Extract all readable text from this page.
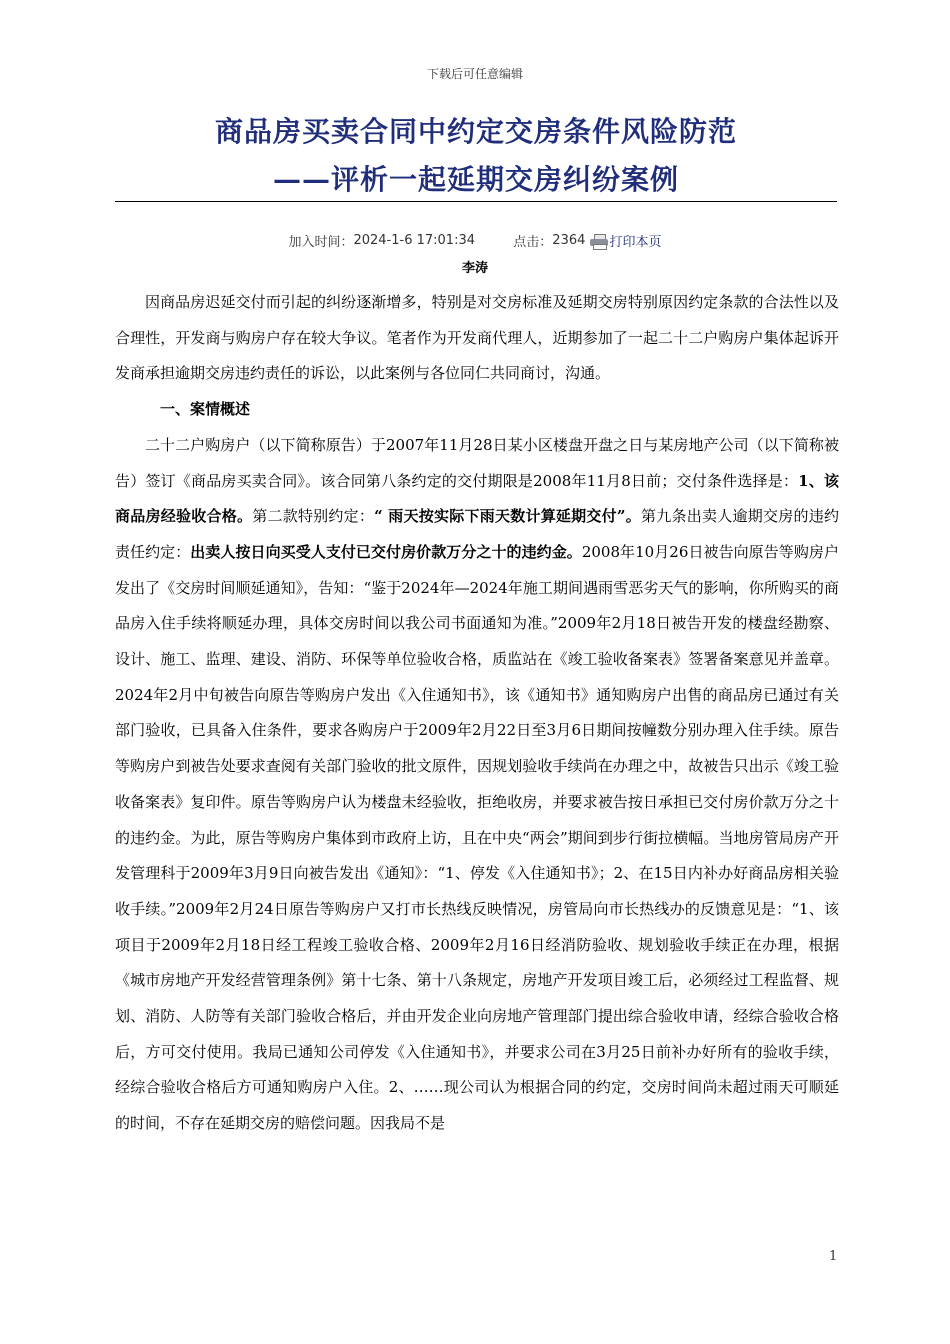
下载后可任意编辑
商品房买卖合同中约定交房条件风险防范
——评析一起延期交房纠纷案例
加入时间：2024-1-6 17:01:34	点击：2364 打印本页
李涛

因商品房迟延交付而引起的纠纷逐渐增多，特别是对交房标准及延期交房特别原因约定条款的合法性以及合理性，开发商与购房户存在较大争议。笔者作为开发商代理人，近期参加了一起二十二户购房户集体起诉开发商承担逾期交房违约责任的诉讼，以此案例与各位同仁共同商讨，沟通。

一、案情概述

二十二户购房户（以下简称原告）于2007年11月28日某小区楼盘开盘之日与某房地产公司（以下简称被告）签订《商品房买卖合同》。该合同第八条约定的交付期限是2008年11月8日前；交付条件选择是：1、该商品房经验收合格。第二款特别约定：“ 雨天按实际下雨天数计算延期交付”。第九条出卖人逾期交房的违约责任约定：出卖人按日向买受人支付已交付房价款万分之十的违约金。2008年10月26日被告向原告等购房户发出了《交房时间顺延通知》，告知：“鉴于2024年—2024年施工期间遇雨雪恶劣天气的影响，你所购买的商品房入住手续将顺延办理，具体交房时间以我公司书面通知为准。”2009年2月18日被告开发的楼盘经勘察、设计、施工、监理、建设、消防、环保等单位验收合格，质监站在《竣工验收备案表》签署备案意见并盖章。2024年2月中旬被告向原告等购房户发出《入住通知书》，该《通知书》通知购房户出售的商品房已通过有关部门验收，已具备入住条件，要求各购房户于2009年2月22日至3月6日期间按幢数分别办理入住手续。原告等购房户到被告处要求查阅有关部门验收的批文原件，因规划验收手续尚在办理之中，故被告只出示《竣工验收备案表》复印件。原告等购房户认为楼盘未经验收，拒绝收房，并要求被告按日承担已交付房价款万分之十的违约金。为此，原告等购房户集体到市政府上访，且在中央“两会”期间到步行街拉横幅。当地房管局房产开发管理科于2009年3月9日向被告发出《通知》：“1、停发《入住通知书》；2、在15日内补办好商品房相关验收手续。”2009年2月24日原告等购房户又打市长热线反映情况，房管局向市长热线办的反馈意见是：“1、该项目于2009年2月18日经工程竣工验收合格、2009年2月16日经消防验收、规划验收手续正在办理，根据《城市房地产开发经营管理条例》第十七条、第十八条规定，房地产开发项目竣工后，必须经过工程监督、规划、消防、人防等有关部门验收合格后，并由开发企业向房地产管理部门提出综合验收申请，经综合验收合格后，方可交付使用。我局已通知公司停发《入住通知书》，并要求公司在3月25日前补办好所有的验收手续，经综合验收合格后方可通知购房户入住。2、……现公司认为根据合同的约定，交房时间尚未超过雨天可顺延的时间，不存在延期交房的赔偿问题。因我局不是

1
